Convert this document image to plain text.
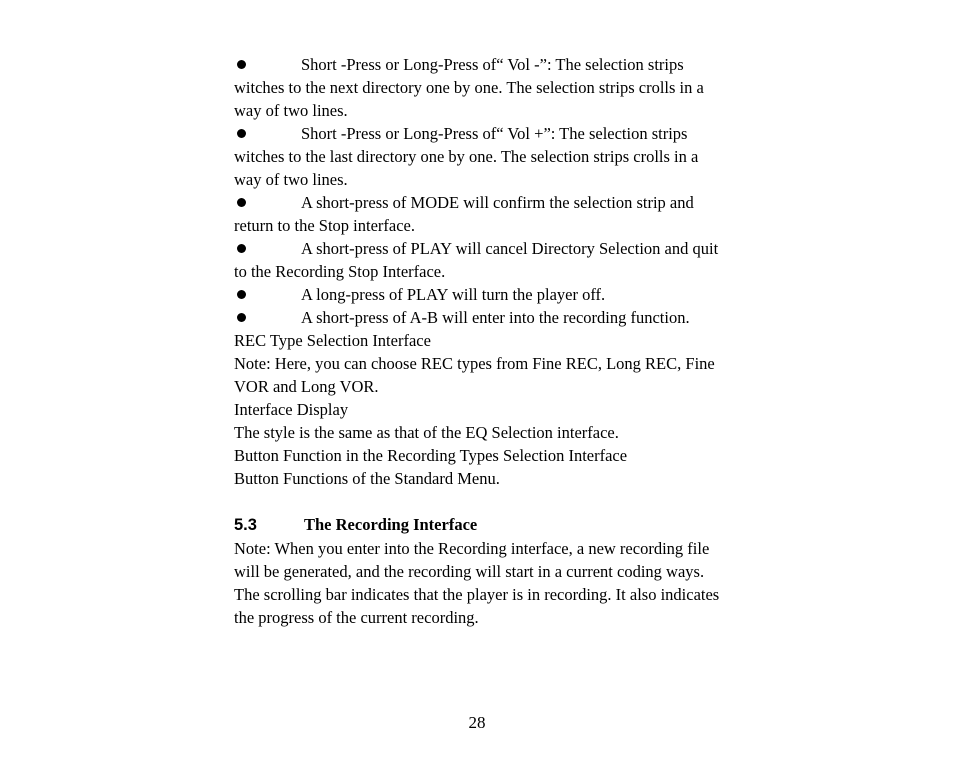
Short -Press or Long-Press of“ Vol -”: The selection strips witches to the next directory one by one. The selection strips crolls in a way of two lines.

Short -Press or Long-Press of“ Vol +”: The selection strips witches to the last directory one by one. The selection strips crolls in a way of two lines.

A short-press of MODE will confirm the selection strip and return to the Stop interface.

A short-press of PLAY will cancel Directory Selection and quit to the Recording Stop Interface.

A long-press of PLAY will turn the player off.

A short-press of A-B will enter into the recording function.

REC Type Selection Interface

Note: Here, you can choose REC types from Fine REC, Long REC, Fine VOR and Long VOR.

Interface Display

The style is the same as that of the EQ Selection interface.

Button Function in the Recording Types Selection Interface

Button Functions of the Standard Menu.

5.3	The Recording Interface

Note: When you enter into the Recording interface, a new recording file will be generated, and the recording will start in a current coding ways. The scrolling bar indicates that the player is in recording. It also indicates the progress of the current recording.

28
